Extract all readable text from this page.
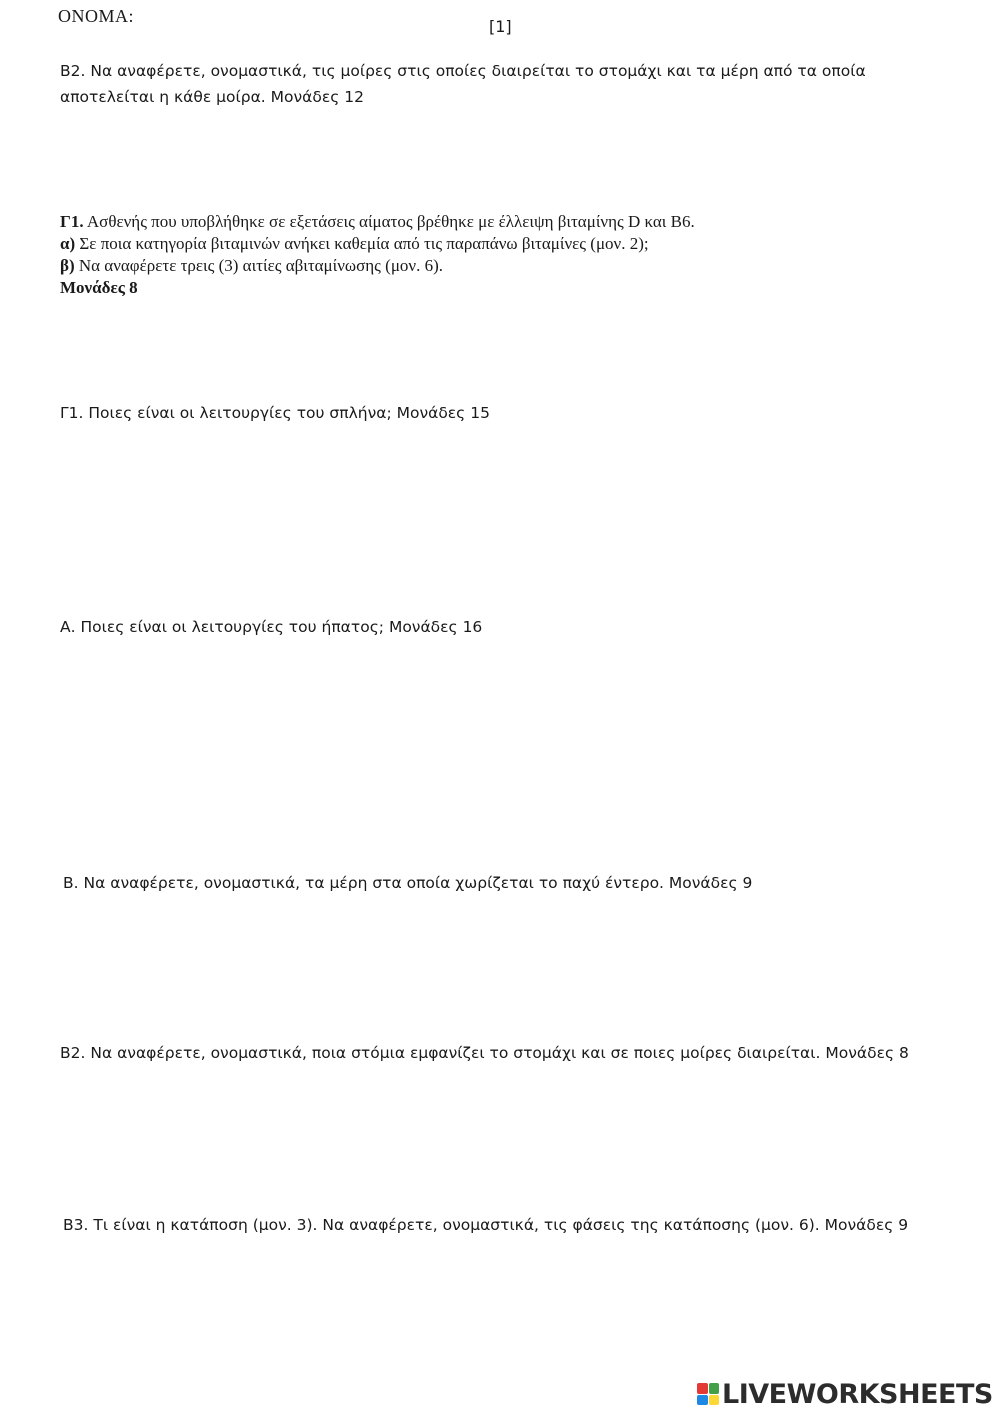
ΟΝΟΜΑ:
[1]
Β2. Να αναφέρετε, ονομαστικά, τις μοίρες στις οποίες διαιρείται το στομάχι και τα μέρη από τα οποία αποτελείται η κάθε μοίρα. Μονάδες 12
Γ1. Ασθενής που υποβλήθηκε σε εξετάσεις αίματος βρέθηκε με έλλειψη βιταμίνης D και Β6.
α) Σε ποια κατηγορία βιταμινών ανήκει καθεμία από τις παραπάνω βιταμίνες (μον. 2);
β) Να αναφέρετε τρεις (3) αιτίες αβιταμίνωσης (μον. 6).
Μονάδες 8
Γ1. Ποιες είναι οι λειτουργίες του σπλήνα; Μονάδες 15
Α. Ποιες είναι οι λειτουργίες του ήπατος; Μονάδες 16
Β. Να αναφέρετε, ονομαστικά, τα μέρη στα οποία χωρίζεται το παχύ έντερο. Μονάδες 9
Β2. Να αναφέρετε, ονομαστικά, ποια στόμια εμφανίζει το στομάχι και σε ποιες μοίρες διαιρείται. Μονάδες 8
Β3. Τι είναι η κατάποση (μον. 3). Να αναφέρετε, ονομαστικά, τις φάσεις της κατάποσης (μον. 6). Μονάδες 9
LIVEWORKSHEETS
